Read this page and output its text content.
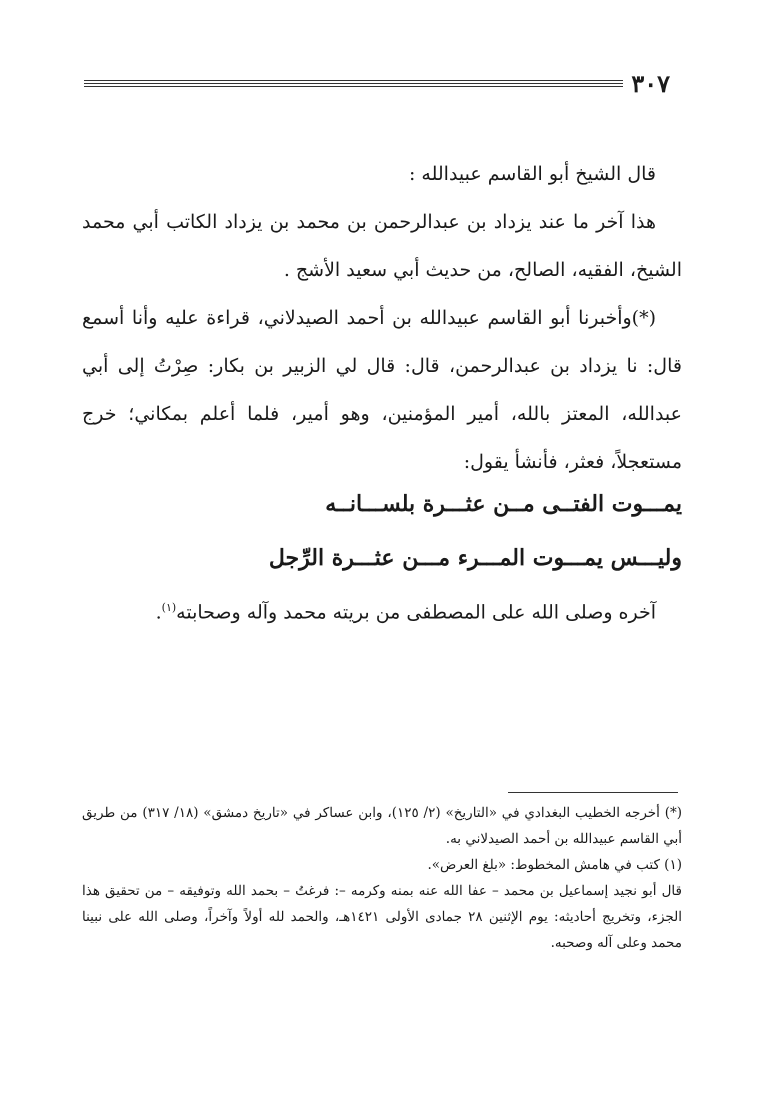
٣٠٧

قال الشيخ أبو القاسم عبيدالله :

هذا آخر ما عند يزداد بن عبدالرحمن بن محمد بن يزداد الكاتب أبي محمد الشيخ، الفقيه، الصالح، من حديث أبي سعيد الأشج .

(*)وأخبرنا أبو القاسم عبيدالله بن أحمد الصيدلاني، قراءة عليه وأنا أسمع قال: نا يزداد بن عبدالرحمن، قال: قال لي الزبير بن بكار: صِرْتُ إلى أبي عبدالله، المعتز بالله، أمير المؤمنين، وهو أمير، فلما أعلم بمكاني؛ خرج مستعجلاً، فعثر، فأنشأ يقول:

يمـــوت الفتــى مــن عثـــرة بلســـانــه
وليـــس يمـــوت المـــرء مـــن عثـــرة الرِّجل
آخره وصلى الله على المصطفى من بريته محمد وآله وصحابته$^{(١)}$.

(*) أخرجه الخطيب البغدادي في «التاريخ» (٢/ ١٢٥)، وابن عساكر في «تاريخ دمشق» (١٨/ ٣١٧) من طريق أبي القاسم عبيدالله بن أحمد الصيدلاني به.

(١) كتب في هامش المخطوط: «بلغ العرض».

قال أبو نجيد إسماعيل بن محمد – عفا الله عنه بمنه وكرمه –: فرغتُ – بحمد الله وتوفيقه – من تحقيق هذا الجزء، وتخريج أحاديثه: يوم الإثنين ٢٨ جمادى الأولى ١٤٢١هـ، والحمد لله أولاً وآخراً، وصلى الله على نبينا محمد وعلى آله وصحبه.
